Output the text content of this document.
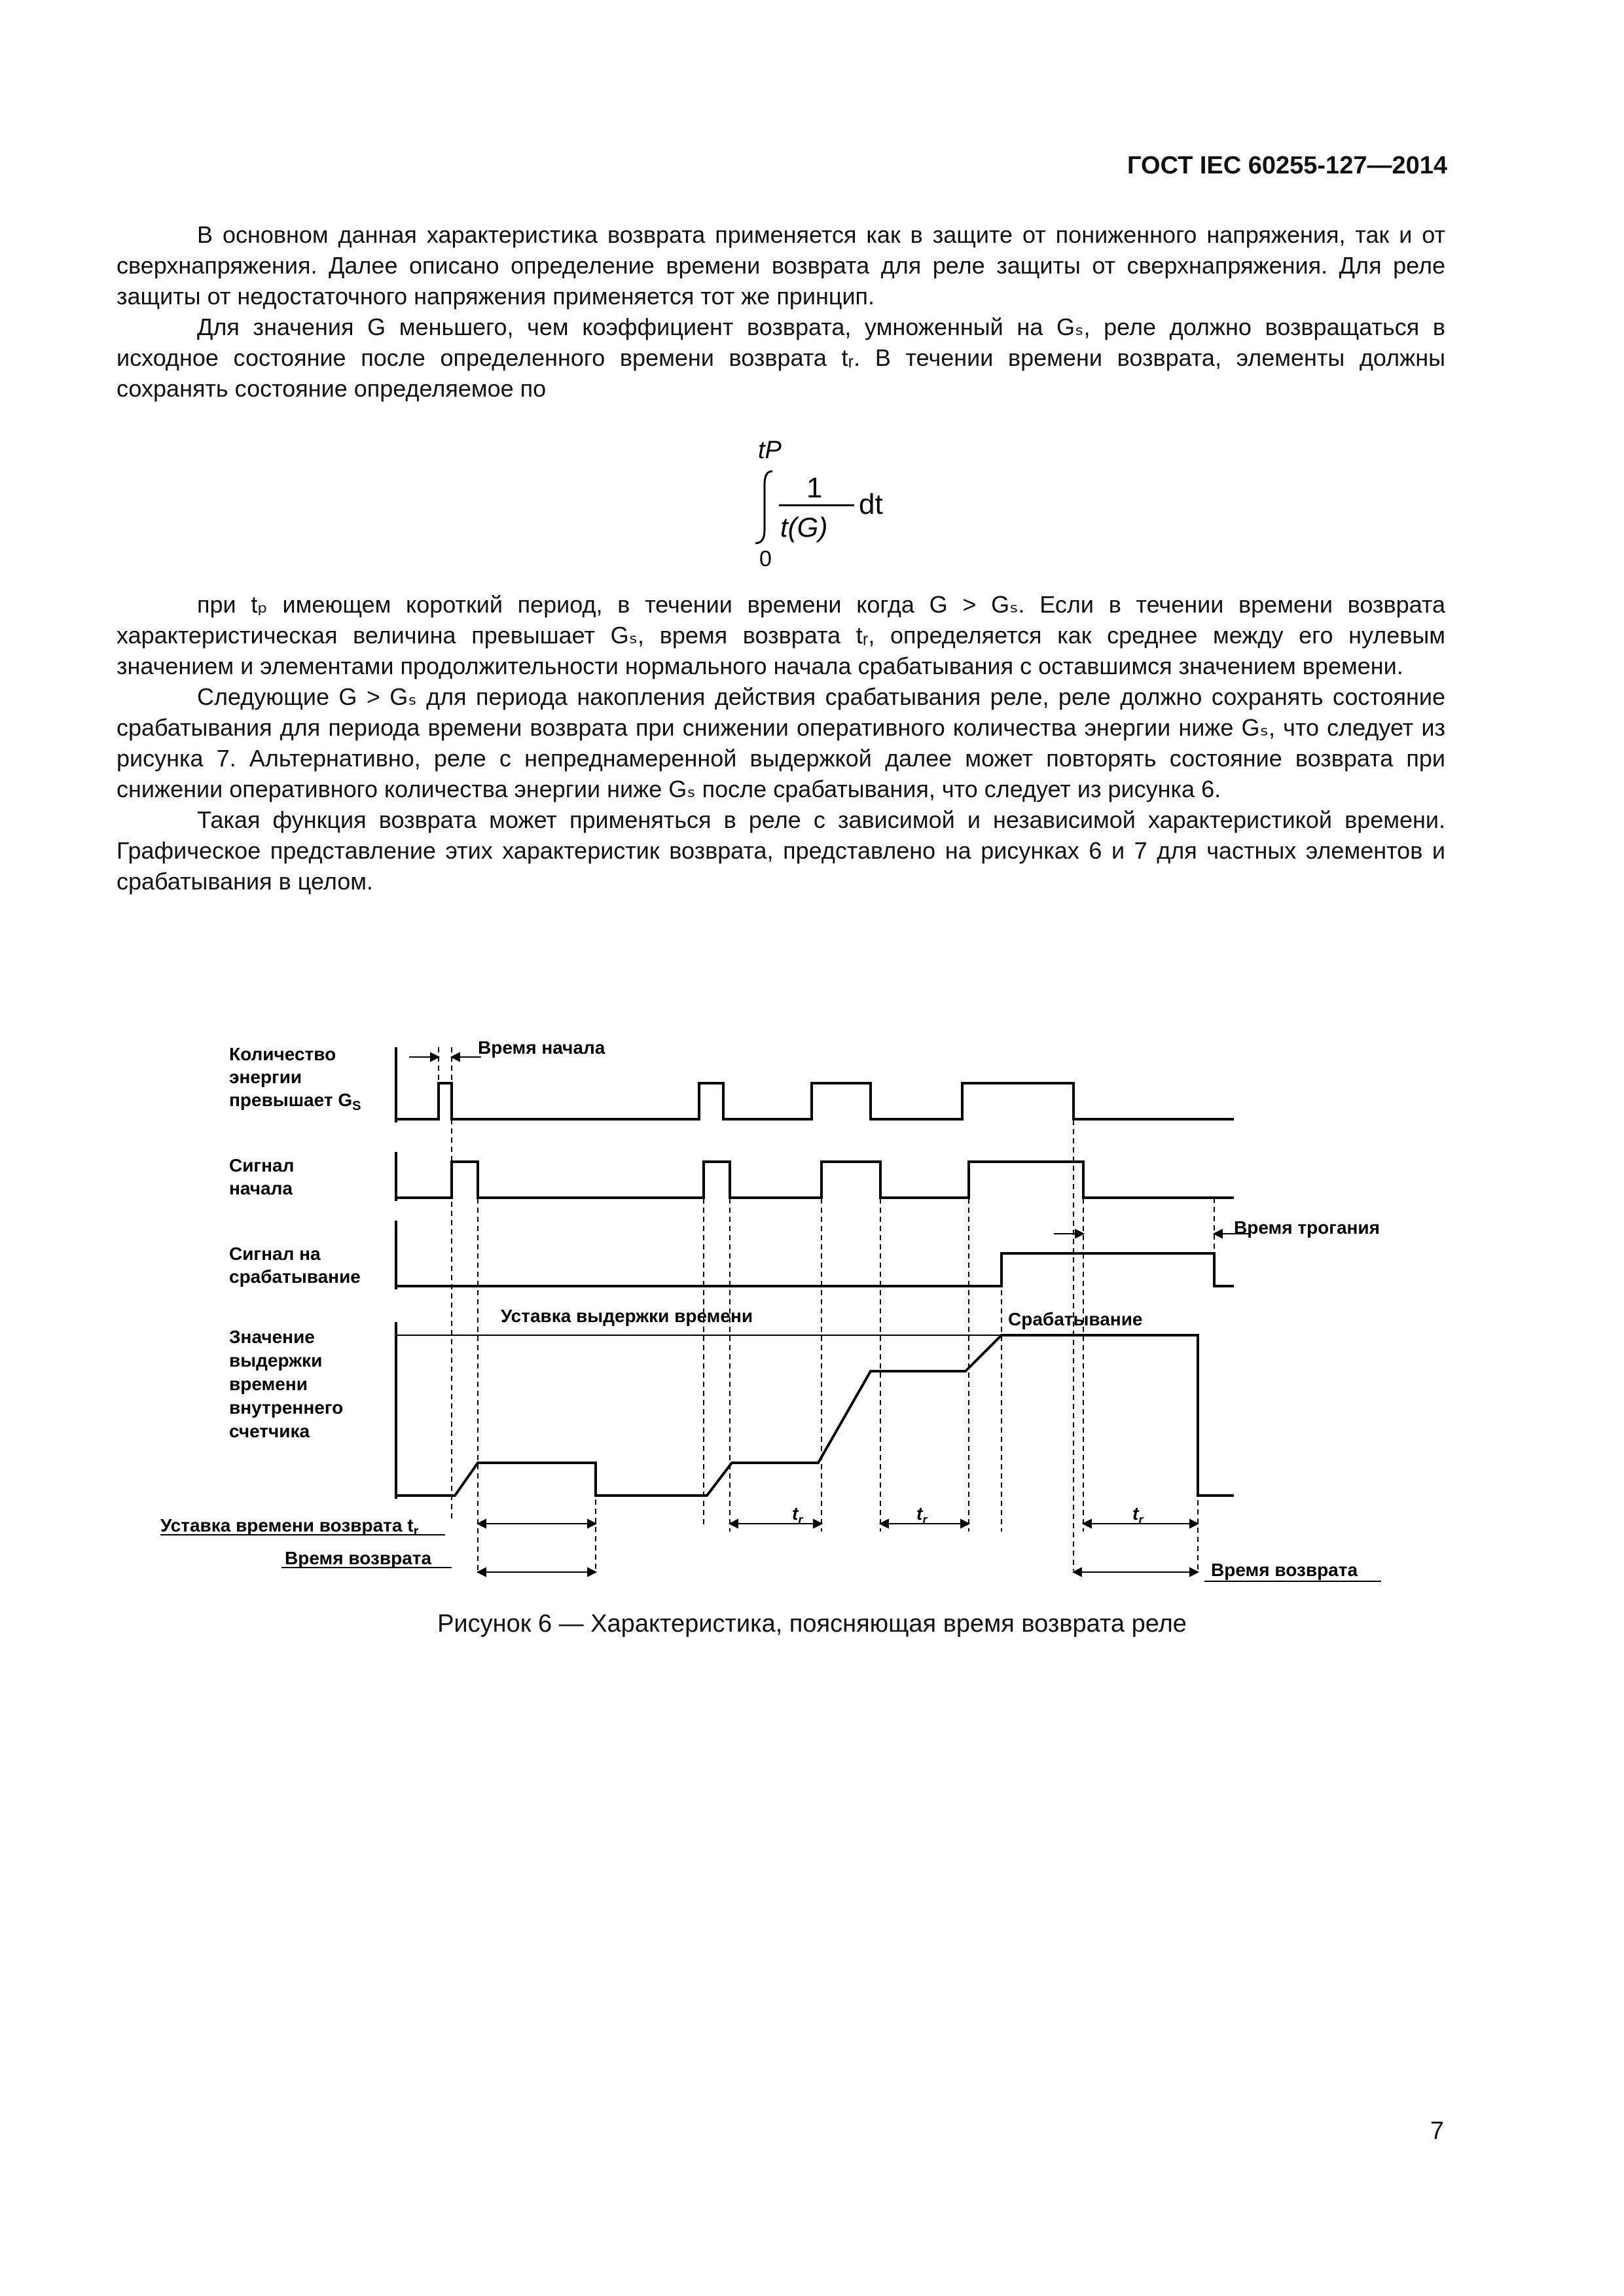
ГОСТ IEC 60255-127—2014

В основном данная характеристика возврата применяется как в защите от пониженного напряжения, так и от сверхнапряжения. Далее описано определение времени возврата для реле защиты от сверхнапряжения. Для реле защиты от недостаточного напряжения применяется тот же принцип.

Для значения G меньшего, чем коэффициент возврата, умноженный на Gₛ, реле должно возвращаться в исходное состояние после определенного времени возврата tᵣ. В течении времени возврата, элементы должны сохранять состояние определяемое по

tP
0
1
t(G)
dt

при tₚ имеющем короткий период, в течении времени когда G > Gₛ. Если в течении времени возврата характеристическая величина превышает Gₛ, время возврата tᵣ, определяется как среднее между его нулевым значением и элементами продолжительности нормального начала срабатывания с оставшимся значением времени.

Следующие G > Gₛ для периода накопления действия срабатывания реле, реле должно сохранять состояние срабатывания для периода времени возврата при снижении оперативного количества энергии ниже Gₛ, что следует из рисунка 7. Альтернативно, реле с непреднамеренной выдержкой далее может повторять состояние возврата при снижении оперативного количества энергии ниже Gₛ после срабатывания, что следует из рисунка 6.

Такая функция возврата может применяться в реле с зависимой и независимой характеристикой времени. Графическое представление этих характеристик возврата, представлено на рисунках 6 и 7 для частных элементов и срабатывания в целом.

Количество
энергии
превышает $G_S$
Сигнал
начала
Сигнал на
срабатывание
Значение
выдержки
времени
внутреннего
счетчика
Время начала
Время трогания
Уставка выдержки времени	Срабатывание
Уставка времени возврата $t_r$
Время возврата
Время возврата
$t_r$	$t_r$	$t_r$
Рисунок 6 — Характеристика, поясняющая время возврата реле
7
